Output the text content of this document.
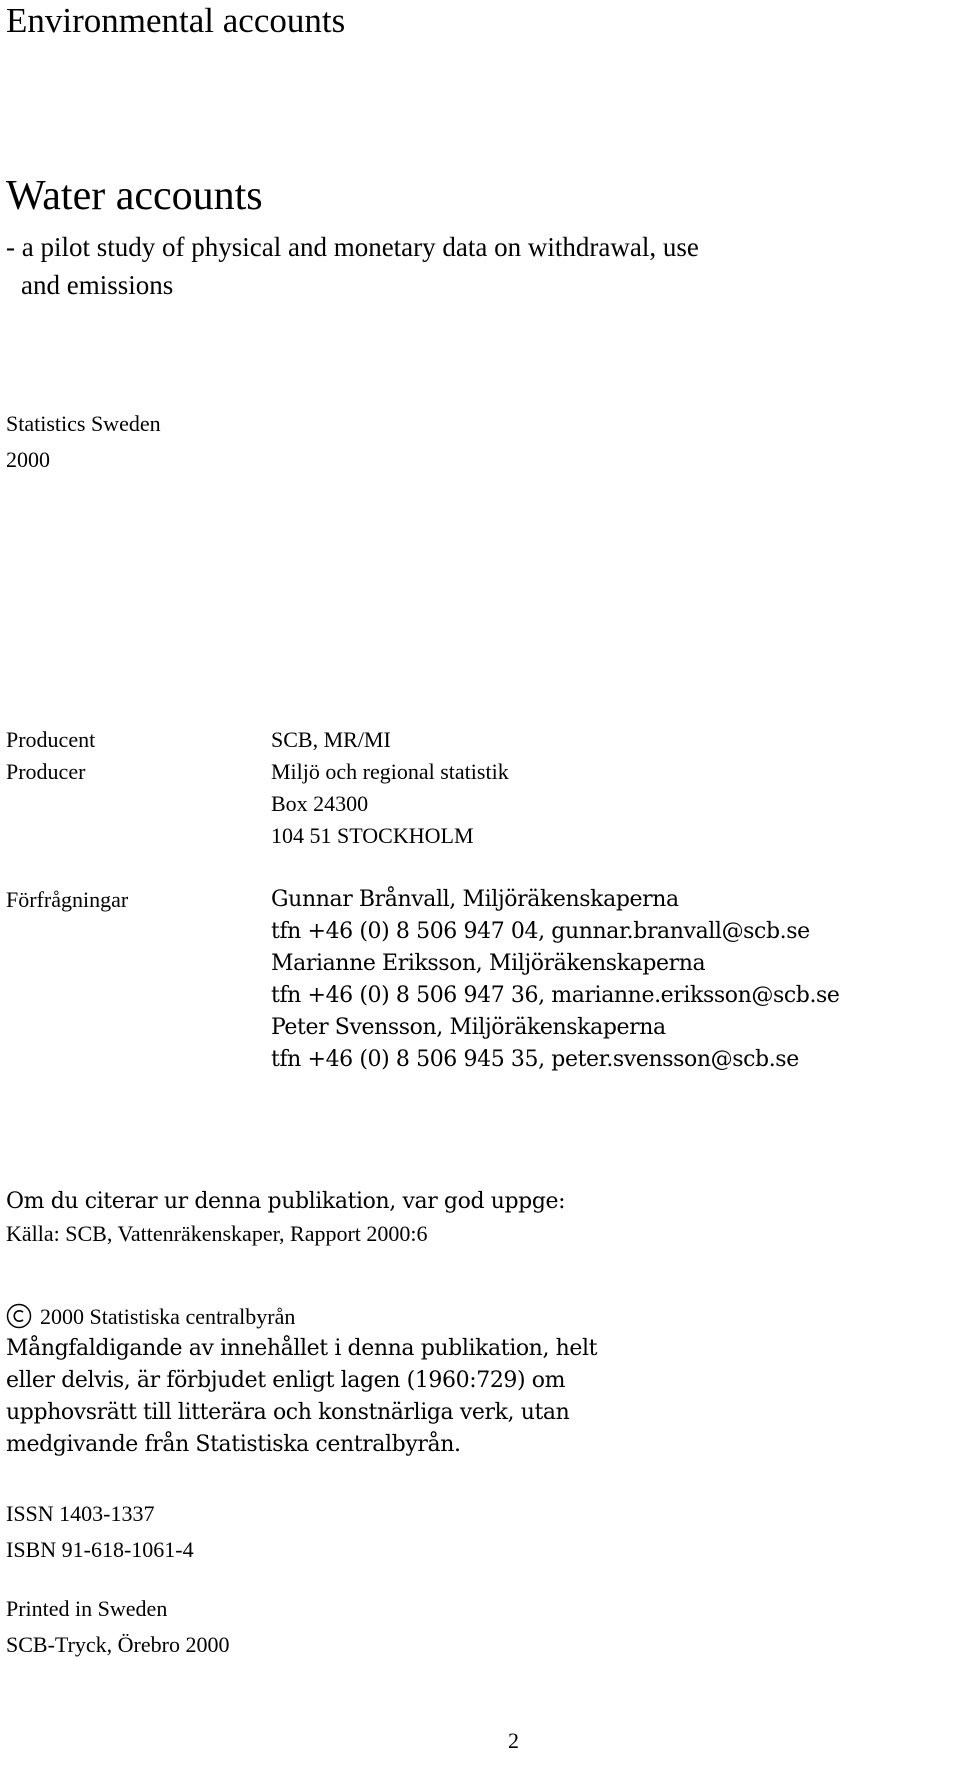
Environmental accounts
Water accounts
- a pilot study of physical and monetary data on withdrawal, use
and emissions
Statistics Sweden
2000
Producent
Producer
SCB, MR/MI
Miljö och regional statistik
Box 24300
104 51 STOCKHOLM
Förfrågningar	Gunnar Brånvall, Miljöräkenskaperna
tfn +46 (0) 8 506 947 04, gunnar.branvall@scb.se
Marianne Eriksson, Miljöräkenskaperna
tfn +46 (0) 8 506 947 36, marianne.eriksson@scb.se
Peter Svensson, Miljöräkenskaperna
tfn +46 (0) 8 506 945 35, peter.svensson@scb.se
Om du citerar ur denna publikation, var god uppge:
Källa: SCB, Vattenräkenskaper, Rapport 2000:6
2000 Statistiska centralbyrån
Mångfaldigande av innehållet i denna publikation, helt
eller delvis, är förbjudet enligt lagen (1960:729) om
upphovsrätt till litterära och konstnärliga verk, utan
medgivande från Statistiska centralbyrån.
ISSN 1403-1337
ISBN 91-618-1061-4
Printed in Sweden
SCB-Tryck, Örebro 2000
2
